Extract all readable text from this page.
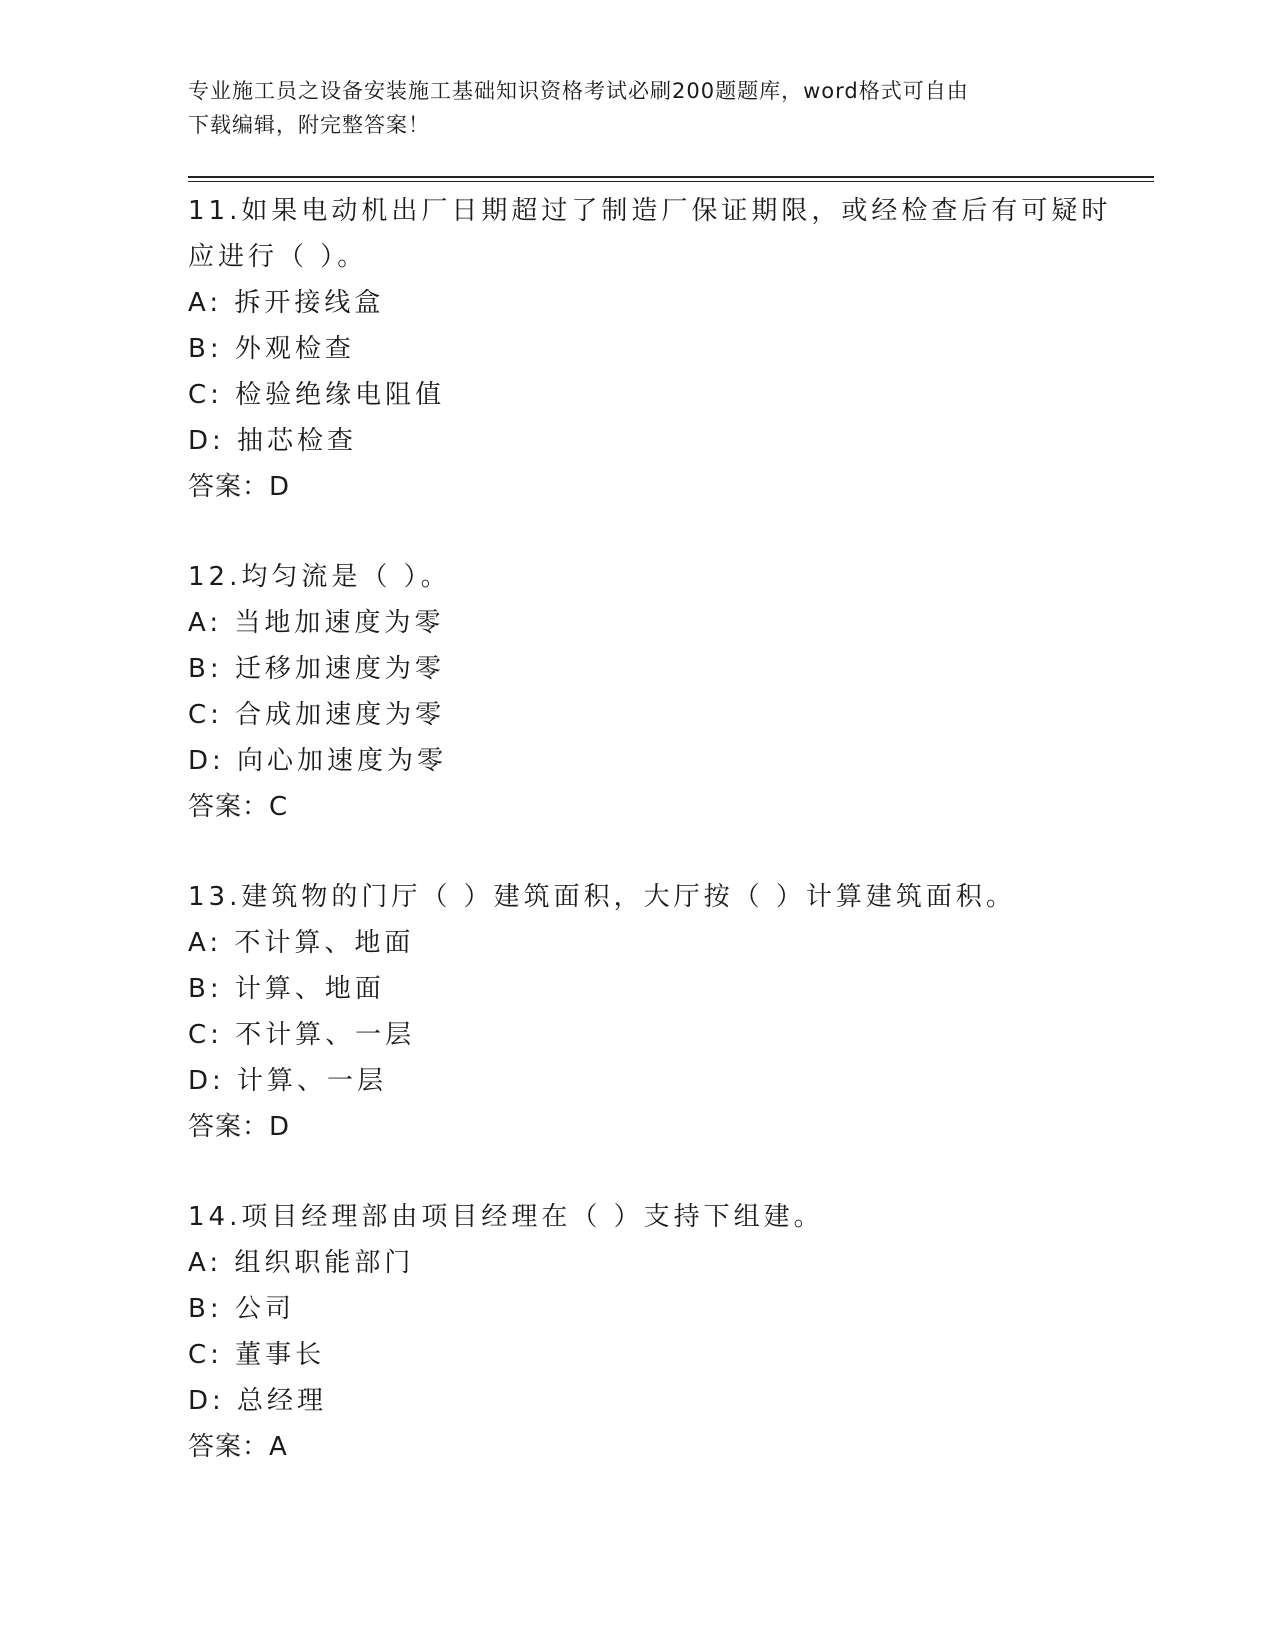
专业施工员之设备安装施工基础知识资格考试必刷200题题库，word格式可自由
下载编辑，附完整答案！
11.如果电动机出厂日期超过了制造厂保证期限，或经检查后有可疑时
应进行（ ）。
A: 拆开接线盒
B: 外观检查
C: 检验绝缘电阻值
D: 抽芯检查
答案：D
12.均匀流是（ ）。
A: 当地加速度为零
B: 迁移加速度为零
C: 合成加速度为零
D: 向心加速度为零
答案：C
13.建筑物的门厅（ ）建筑面积，大厅按（ ）计算建筑面积。
A: 不计算、地面
B: 计算、地面
C: 不计算、一层
D: 计算、一层
答案：D
14.项目经理部由项目经理在（ ）支持下组建。
A: 组织职能部门
B: 公司
C: 董事长
D: 总经理
答案：A
